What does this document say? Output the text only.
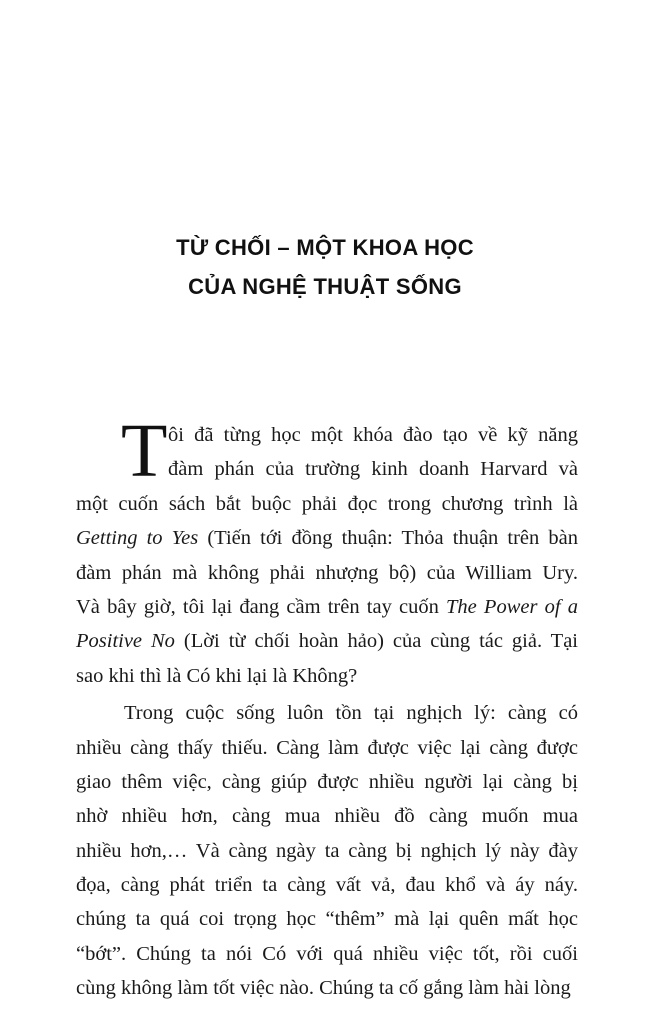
TỪ CHỐI – MỘT KHOA HỌC
CỦA NGHỆ THUẬT SỐNG
T ôi đã từng học một khóa đào tạo về kỹ năng
đàm phán của trường kinh doanh Harvard và
một cuốn sách bắt buộc phải đọc trong chương trình là
Getting to Yes (Tiến tới đồng thuận: Thỏa thuận trên bàn
đàm phán mà không phải nhượng bộ) của William Ury.
Và bây giờ, tôi lại đang cầm trên tay cuốn The Power of a
Positive No (Lời từ chối hoàn hảo) của cùng tác giả. Tại
sao khi thì là Có khi lại là Không?
Trong cuộc sống luôn tồn tại nghịch lý: càng có
nhiều càng thấy thiếu. Càng làm được việc lại càng được
giao thêm việc, càng giúp được nhiều người lại càng bị
nhờ nhiều hơn, càng mua nhiều đồ càng muốn mua
nhiều hơn,… Và càng ngày ta càng bị nghịch lý này đày
đọa, càng phát triển ta càng vất vả, đau khổ và áy náy.
chúng ta quá coi trọng học “thêm” mà lại quên mất học
“bớt”. Chúng ta nói Có với quá nhiều việc tốt, rồi cuối
cùng không làm tốt việc nào. Chúng ta cố gắng làm hài lòng
